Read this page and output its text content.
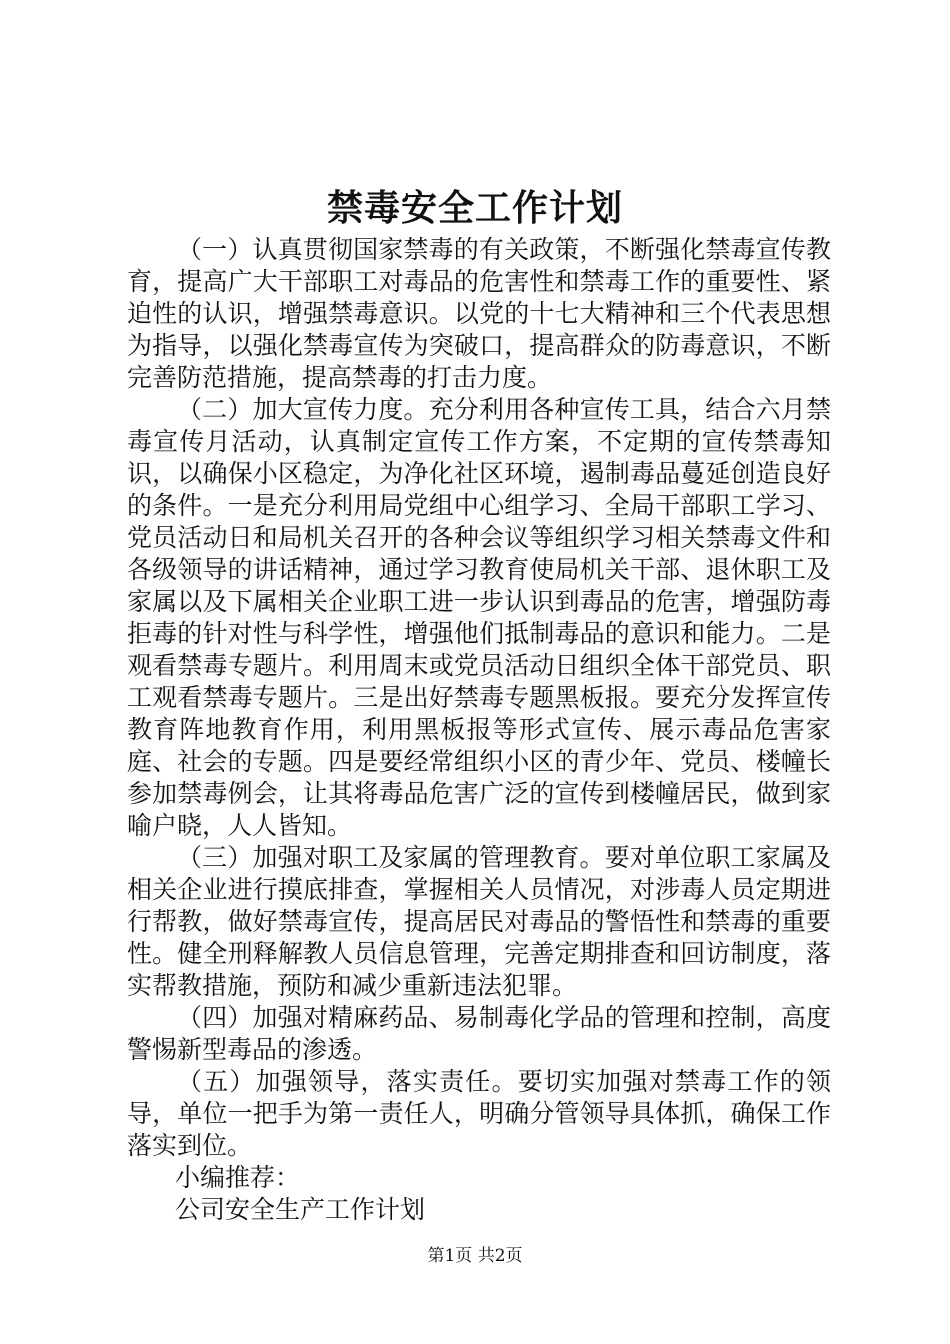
禁毒安全工作计划

（一）认真贯彻国家禁毒的有关政策，不断强化禁毒宣传教育，提高广大干部职工对毒品的危害性和禁毒工作的重要性、紧迫性的认识，增强禁毒意识。以党的十七大精神和三个代表思想为指导，以强化禁毒宣传为突破口，提高群众的防毒意识，不断完善防范措施，提高禁毒的打击力度。

（二）加大宣传力度。充分利用各种宣传工具，结合六月禁毒宣传月活动，认真制定宣传工作方案，不定期的宣传禁毒知识，以确保小区稳定，为净化社区环境，遏制毒品蔓延创造良好的条件。一是充分利用局党组中心组学习、全局干部职工学习、党员活动日和局机关召开的各种会议等组织学习相关禁毒文件和各级领导的讲话精神，通过学习教育使局机关干部、退休职工及家属以及下属相关企业职工进一步认识到毒品的危害，增强防毒拒毒的针对性与科学性，增强他们抵制毒品的意识和能力。二是观看禁毒专题片。利用周末或党员活动日组织全体干部党员、职工观看禁毒专题片。三是出好禁毒专题黑板报。要充分发挥宣传教育阵地教育作用，利用黑板报等形式宣传、展示毒品危害家庭、社会的专题。四是要经常组织小区的青少年、党员、楼幢长参加禁毒例会，让其将毒品危害广泛的宣传到楼幢居民，做到家喻户晓，人人皆知。

（三）加强对职工及家属的管理教育。要对单位职工家属及相关企业进行摸底排查，掌握相关人员情况，对涉毒人员定期进行帮教，做好禁毒宣传，提高居民对毒品的警悟性和禁毒的重要性。健全刑释解教人员信息管理，完善定期排查和回访制度，落实帮教措施，预防和减少重新违法犯罪。

（四）加强对精麻药品、易制毒化学品的管理和控制，高度警惕新型毒品的渗透。

（五）加强领导，落实责任。要切实加强对禁毒工作的领导，单位一把手为第一责任人，明确分管领导具体抓，确保工作落实到位。

小编推荐：

公司安全生产工作计划

第1页 共2页
